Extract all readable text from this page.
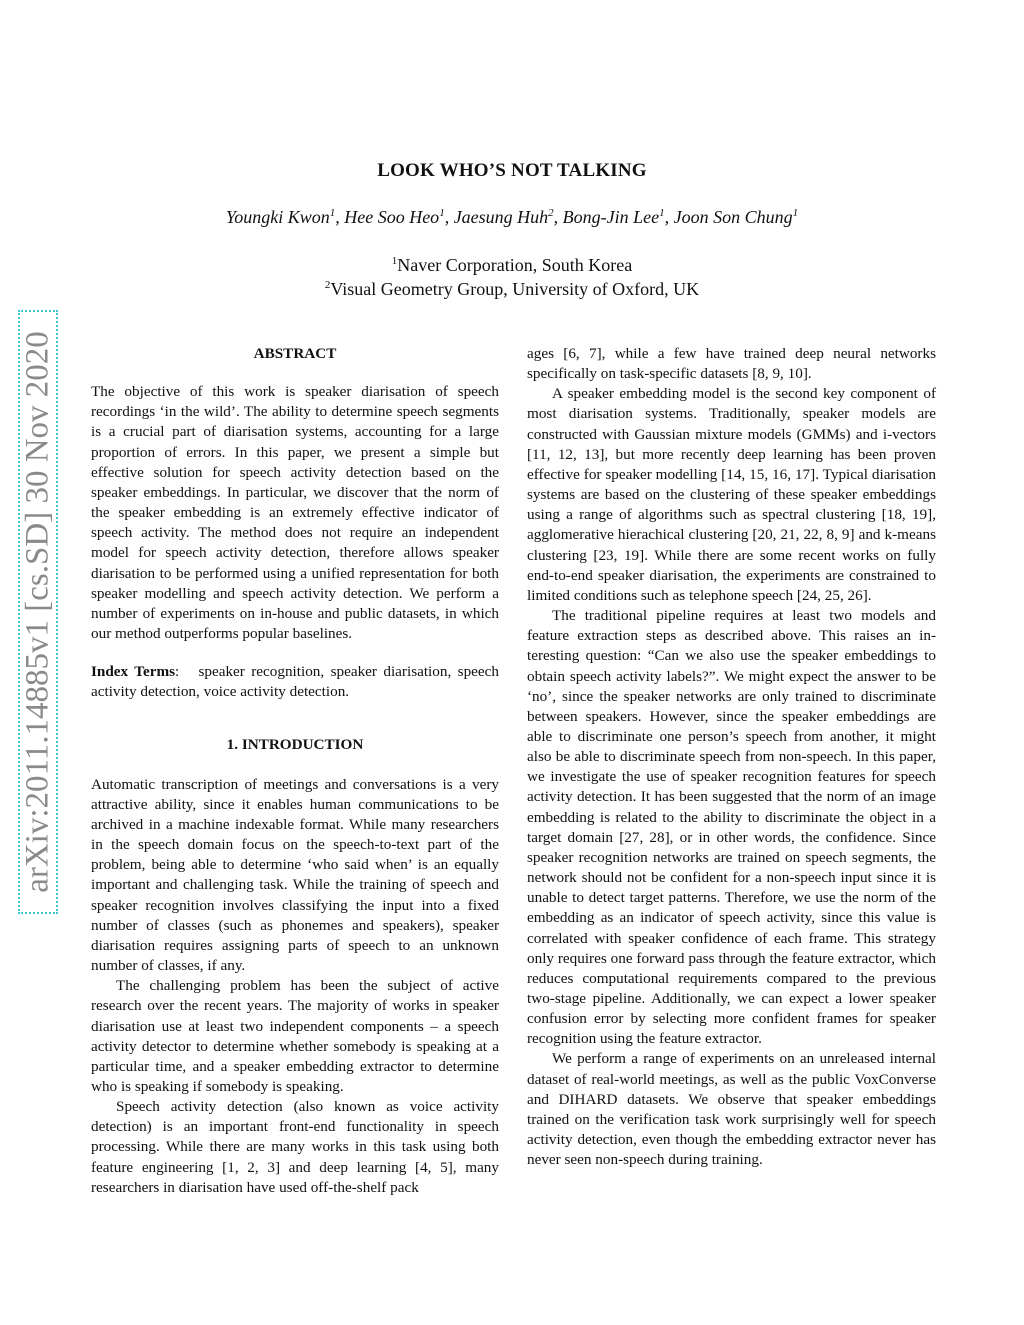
arXiv:2011.14885v1 [cs.SD] 30 Nov 2020
LOOK WHO’S NOT TALKING
Youngki Kwon$^1$, Hee Soo Heo$^1$, Jaesung Huh$^2$, Bong-Jin Lee$^1$, Joon Son Chung$^1$
$^1$Naver Corporation, South Korea
$^2$Visual Geometry Group, University of Oxford, UK
ABSTRACT

The objective of this work is speaker diarisation of speech recordings ‘in the wild’. The ability to determine speech segments is a crucial part of diarisation systems, accounting for a large proportion of errors. In this paper, we present a simple but effective solution for speech activity detection based on the speaker embeddings. In particular, we discover that the norm of the speaker embedding is an extremely effective indicator of speech activity. The method does not require an independent model for speech activity detection, therefore allows speaker diarisation to be performed using a unified representation for both speaker modelling and speech activity detection. We perform a number of experiments on in-house and public datasets, in which our method outperforms popular baselines.

Index Terms:   speaker recognition, speaker diarisation, speech activity detection, voice activity detection.

1. INTRODUCTION

Automatic transcription of meetings and conversations is a very attractive ability, since it enables human communications to be archived in a machine indexable format. While many researchers in the speech domain focus on the speech-to-text part of the problem, being able to determine ‘who said when’ is an equally important and challenging task. While the training of speech and speaker recognition involves classifying the input into a fixed number of classes (such as phonemes and speakers), speaker diarisation requires assigning parts of speech to an unknown number of classes, if any.

The challenging problem has been the subject of active research over the recent years. The majority of works in speaker diarisation use at least two independent components – a speech activity detector to determine whether somebody is speaking at a particular time, and a speaker embedding extractor to determine who is speaking if somebody is speaking.

Speech activity detection (also known as voice activity detection) is an important front-end functionality in speech processing. While there are many works in this task using both feature engineering [1, 2, 3] and deep learning [4, 5], many researchers in diarisation have used off-the-shelf pack

ages [6, 7], while a few have trained deep neural networks specifically on task-specific datasets [8, 9, 10].

A speaker embedding model is the second key component of most diarisation systems. Traditionally, speaker models are constructed with Gaussian mixture models (GMMs) and i-vectors [11, 12, 13], but more recently deep learning has been proven effective for speaker modelling [14, 15, 16, 17]. Typical diarisation systems are based on the clustering of these speaker embeddings using a range of algorithms such as spectral clustering [18, 19], agglomerative hierachical clustering [20, 21, 22, 8, 9] and k-means clustering [23, 19]. While there are some recent works on fully end-to-end speaker diarisation, the experiments are constrained to limited conditions such as telephone speech [24, 25, 26].

The traditional pipeline requires at least two models and feature extraction steps as described above. This raises an interesting question: “Can we also use the speaker embeddings to obtain speech activity labels?”. We might expect the answer to be ‘no’, since the speaker networks are only trained to discriminate between speakers. However, since the speaker embeddings are able to discriminate one person’s speech from another, it might also be able to discriminate speech from non-speech. In this paper, we investigate the use of speaker recognition features for speech activity detection. It has been suggested that the norm of an image embedding is related to the ability to discriminate the object in a target domain [27, 28], or in other words, the confidence. Since speaker recognition networks are trained on speech segments, the network should not be confident for a non-speech input since it is unable to detect target patterns. Therefore, we use the norm of the embedding as an indicator of speech activity, since this value is correlated with speaker confidence of each frame. This strategy only requires one forward pass through the feature extractor, which reduces computational requirements compared to the previous two-stage pipeline. Additionally, we can expect a lower speaker confusion error by selecting more confident frames for speaker recognition using the feature extractor.

We perform a range of experiments on an unreleased internal dataset of real-world meetings, as well as the public VoxConverse and DIHARD datasets. We observe that speaker embeddings trained on the verification task work surprisingly well for speech activity detection, even though the embedding extractor never has never seen non-speech during training.
